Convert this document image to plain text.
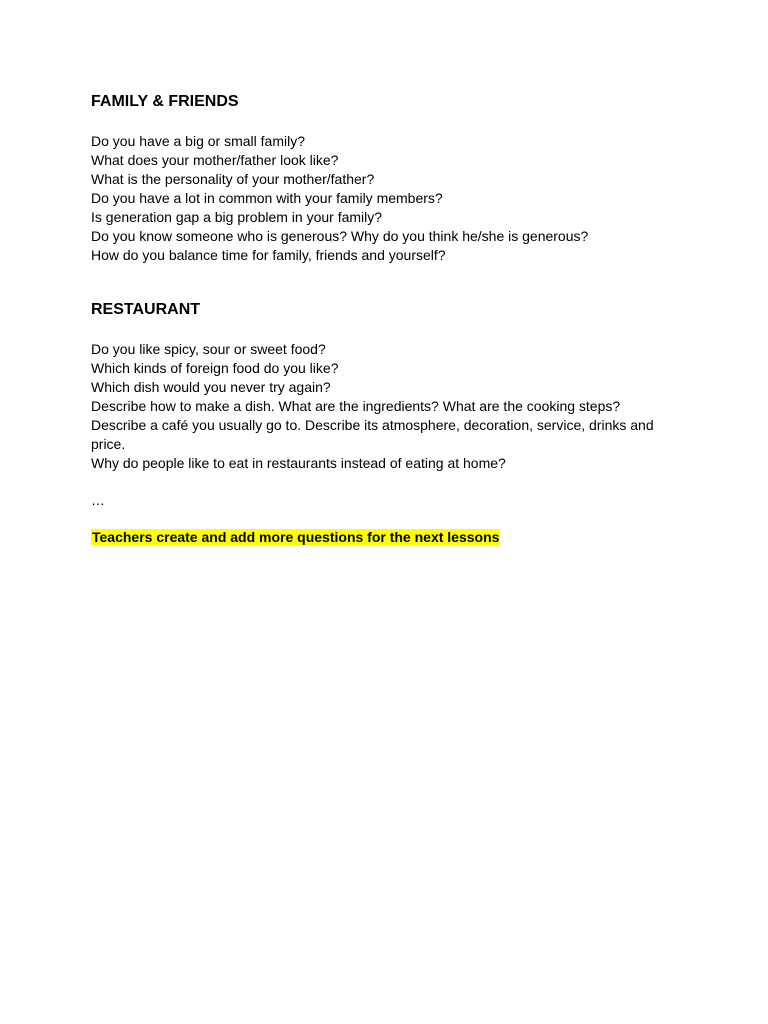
FAMILY & FRIENDS
Do you have a big or small family?
What does your mother/father look like?
What is the personality of your mother/father?
Do you have a lot in common with your family members?
Is generation gap a big problem in your family?
Do you know someone who is generous? Why do you think he/she is generous?
How do you balance time for family, friends and yourself?
RESTAURANT
Do you like spicy, sour or sweet food?
Which kinds of foreign food do you like?
Which dish would you never try again?
Describe how to make a dish. What are the ingredients? What are the cooking steps?
Describe a café you usually go to. Describe its atmosphere, decoration, service, drinks and price.
Why do people like to eat in restaurants instead of eating at home?
…
Teachers create and add more questions for the next lessons
